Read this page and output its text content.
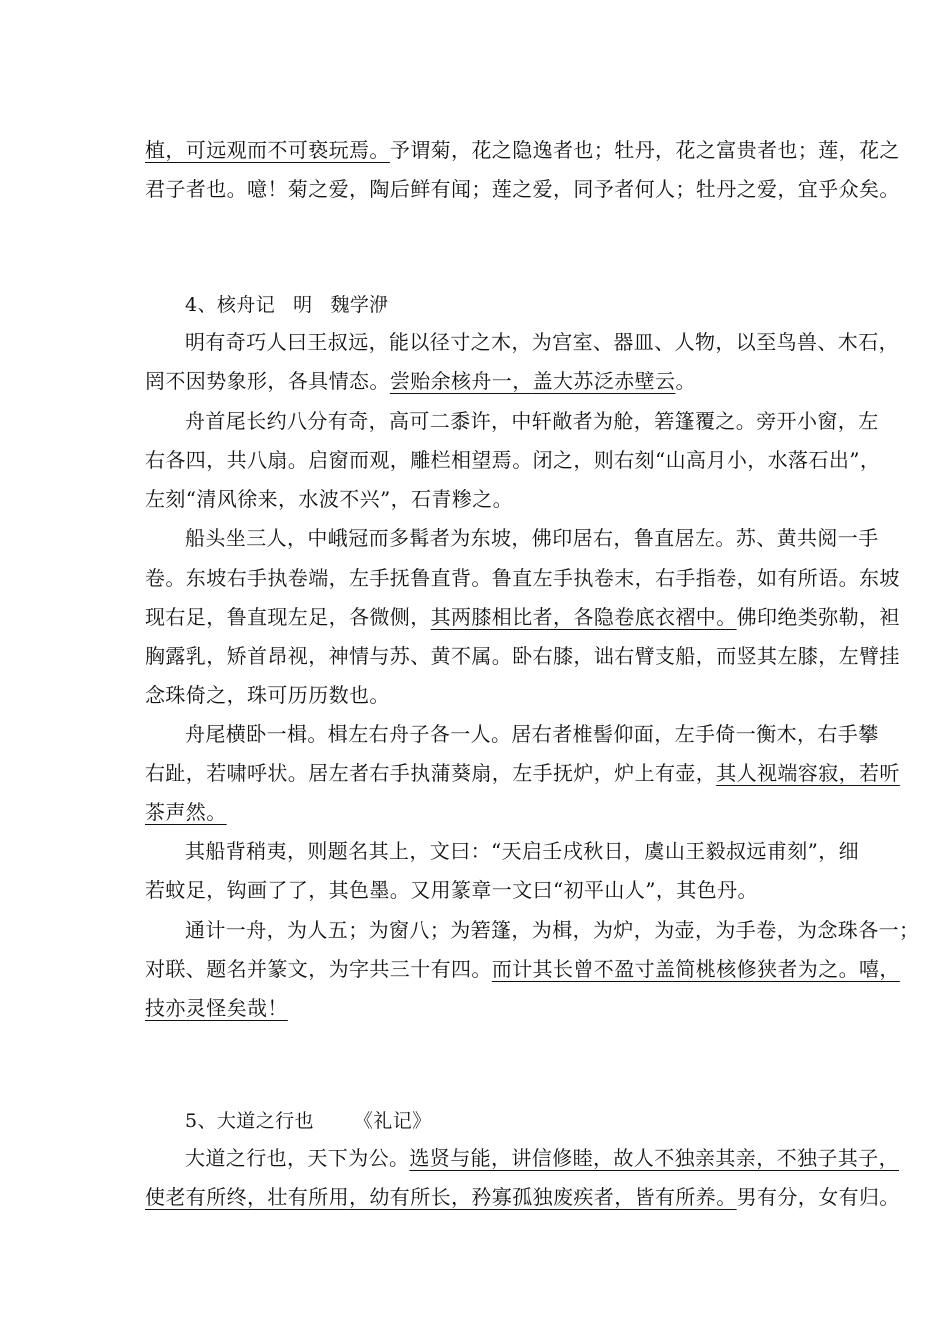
植，可远观而不可亵玩焉。予谓菊，花之隐逸者也；牡丹，花之富贵者也；莲，花之
君子者也。噫！菊之爱，陶后鲜有闻；莲之爱，同予者何人；牡丹之爱，宜乎众矣。
4、核舟记 明 魏学洢
明有奇巧人曰王叔远，能以径寸之木，为宫室、器皿、人物，以至鸟兽、木石，
罔不因势象形，各具情态。尝贻余核舟一，盖大苏泛赤壁云。
舟首尾长约八分有奇，高可二黍许，中轩敞者为舱，箬篷覆之。旁开小窗，左
右各四，共八扇。启窗而观，雕栏相望焉。闭之，则右刻“山高月小，水落石出”，
左刻“清风徐来，水波不兴”，石青糁之。
船头坐三人，中峨冠而多髯者为东坡，佛印居右，鲁直居左。苏、黄共阅一手
卷。东坡右手执卷端，左手抚鲁直背。鲁直左手执卷末，右手指卷，如有所语。东坡
现右足，鲁直现左足，各微侧，其两膝相比者，各隐卷底衣褶中。佛印绝类弥勒，袒
胸露乳，矫首昂视，神情与苏、黄不属。卧右膝，诎右臂支船，而竖其左膝，左臂挂
念珠倚之，珠可历历数也。
舟尾横卧一楫。楫左右舟子各一人。居右者椎髻仰面，左手倚一衡木，右手攀
右趾，若啸呼状。居左者右手执蒲葵扇，左手抚炉，炉上有壶，其人视端容寂，若听
茶声然。
其船背稍夷，则题名其上，文曰：“天启壬戌秋日，虞山王毅叔远甫刻”，细
若蚊足，钩画了了，其色墨。又用篆章一文曰“初平山人”，其色丹。
通计一舟，为人五；为窗八；为箬篷，为楫，为炉，为壶，为手卷，为念珠各一；
对联、题名并篆文，为字共三十有四。而计其长曾不盈寸盖简桃核修狭者为之。嘻，
技亦灵怪矣哉！
5、大道之行也 《礼记》
大道之行也，天下为公。选贤与能，讲信修睦，故人不独亲其亲，不独子其子，
使老有所终，壮有所用，幼有所长，矜寡孤独废疾者，皆有所养。男有分，女有归。
